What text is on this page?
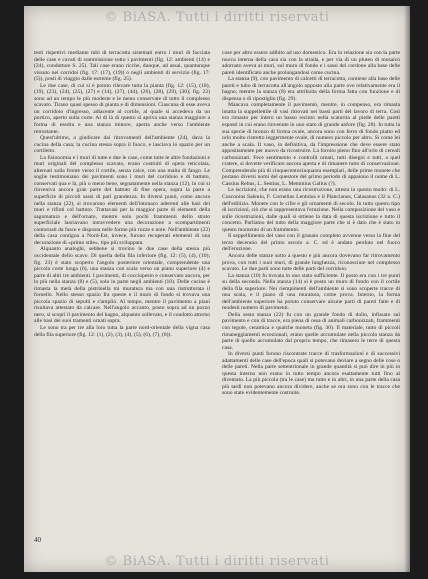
© BiASA. Tutti i diritti riservati

testi rispettivi mediante tubi di terracotta sistemati entro i muri di facciata delle case e cavati di sommissione sotto i pavimenti (fig. 12: ambienti (14) e (24), condutture S. 25). Tali case erano ricche, dunque, ad assai, quantunque vissuto nei corridoi (fig. 17: (17), (19)) o negli ambienti di servizio (fig. 17: (5)), posti di viaggio dalle estreme (fig. 25).

Le due case, di cui si è potuto rilevare tutta la pianta (fig. 12: (15), (18), (19), (23), (24), (25), (27) e (14), (27), (44), (26), (28), (29), (30); fig. 22) sono ad un tempo le più modeste e le meno conservate di tutto il complesso scavato. Tirano quasi spesso di pianta e di dimensioni. Ciascuna di esse aveva un corridoio d'ingresso, adiacente al cortile, al quale si accedeva da un portico, aperto sulla corte. Al di là di questo si apriva una stanza maggiore a forma di esedra e una stanza minore, aperta anche verso l'ambiente retrostante.

Quest'ultimo, a giudicare dai ritrovamenti dell'ambiente (24), dava la cucina della casa; la cucina stessa sopra il fuoco, e lasciava lo spazio per un cortiletto.

La fisionomia e i muri di tutte e due le case, come tutte le altre fondazioni e muri originali del complesso scavato, erano costruiti di opera reticolata, alternati sulla fronte verso il cortile, senza calce, con una malta di fango. Le soglie testimoniano dei pavimenti sono i muri del corridoio e di battuto, conservati qua e là, più o meno bene, segnatamente nella stanza (12), in cui si rinveniva ancora gran parte del battuto di fine opera, sopra la parte a superficie di piccoli sassi di pari grandezza. In diversi punti, come ancora nella stanza (22), si trovarono elementi dell'intonaco aderenti alle basi dei muri e rifinti col battuto. Trattavasi per la maggior parte di elementi della sagomatura e dell'ornato, mentre solo pochi frammenti dello strato superficiale lasciavano intravvedere una decorazione a scompartimenti contornati da fasce e disposta nelle forme più rozze e note. Nell'ambiente (22) della casa contigua a Nord-Est, invece, furono recuperati elementi di una decorazione di «primo stile», tipo più sviluppata.

Alquanto analoghi, sebbene si trovino le due case della stessa più occidentale dello scavo. Di quella della fila inferiore (fig. 12: (5), (4), (10); fig. 23) è stato scoperto l'angolo posteriore orientale, comprendente una piccola corte lunga (6), una stanza con scala verso un piano superiore (4) e parte di altri tre ambienti. I pavimenti, di cocciopesto e conservato ancora, per lo più nella stanza (8) e (5), solo in parte negli ambienti (10). Delle cucine è rimasta la metà della pistrinella mi muratura ma con una ristrutturata il fornello. Nello stesso spazio fra queste e il muro di fondo si trovava una piccola spazio di sepolti e s'ampliò. Al tempo, mentre il pavimento a piani risultava attestato da calcare. Nell'angolo accanto, posto sopra ad un pozzo nero, si scoprì il pavimento del bagno, alquanto sollevato, e il condotto attorno alle basi dei suoi tramenti ornati sopra.

Le sono tra per tre alla loro tutta la parte nord-orientale della vigna casa della fila superiore (fig. 12: (1), (2), (3), (4), (5), (6), (7), (8)).

cose per altro essere adibito ad uso domestico. Era in relazione sia con la parte nuova interna della casa sia con la strada, e per via di un pluteo di mosaico adornato aveva ai muri, sul muro di fondo e i sassi del cordone alla base delle pareti identificato anche prolungandosi come cucina.

La stanza (9), con pavimento di calcetti di terracotta, contiene alla base delle pareti e tubo di terracotta all'angolo opposto alla parte ove relativamente era il bagno; mentre la stanza (8) era attribuita della forma fatta con funzione e di dispensa o di ripostiglio (fig. 29).

Mancava completamente il pavimento, mentre, in compenso, era rimasta intatta la suppellettile di vasi ritrovati nei bassi parti del lavoro di terra. Così era rimasto per intero un basso recinto nella scaturita al piede delle pareti esposti in cui erano rinvenute in uno stato di grande anfore (fig. 28). In tutta la sua specie di bronzo di forma ovale, ancora sono con ferro di fondo piatto ed orlo molto ristretto leggermente ovale, di numero piccolo per altro. Si come lei anche a scala. Il vaso, in definitiva, da l'impressione che deve essere stato appositamente per nuovo da ricostruire. La fornito pieno fino all'orlo di cereali carbonizzati. Fece sentimento e controlli ornati, tutti disegni e tutti, a quel cratere, si dovette verificare ancora aperta e di rimanere tutto di conservazione. Comprendendo più di cinquecentocinquanta esemplari, delle prime monete che portano diversi nomi del questore del primo periodo di appaiono il nome di L. Cassius Rebus, L. Sestius, L. Memmius Gallus (?).

Le iscrizioni, che non erano una ricostruzione, attesta in questo modo: di L. Cosconius Saleniu, F. Cornelius Lentulus e il Plancianus, Calasanus (32 a. C.) dell'edilizio. Monete con le cifre e gli ornamenti di secolo. In tutto questo tipo di iscrizioni, ciò che si rappresentava l'eruzione. Nella composizione del vaso e sulle ricostruzioni, dalle quali si ottiene la data di questa iscrizione e tutto il concetto. Parliamo del tutto della maggiore parte che si è dato che è stato in questo momento di un frammento.

Il seppellimento del vaso con il granaio completo avvenne verso la fine del terzo decennio del primo secolo a. C. ed è andato perduto nel fuoco dell'eruzione.

Ancora delle stanze sotto a questo e più ancora dovevano far ritrovamento prova, con tutti i suoi muri, di grande lunghezza, riconosciute nel complesso scavato. Le due parti sono tutte delle parti del corridoio.

La stanza (10) fu trovata in uno stato sufficiente. Il posto era con i tre punti su della seconda. Nella stanza (14) si è posto un muro di fondo con il cortile della fila superiore. Nei riempimenti dell'ambiente si sono scoperte tracce di una scala, e il piano di una muratura, come prova. Interno, la forma dell'ambiente superiore ha potuto conservare alcune parti di pareti fatte e di modesti numero di pavimenti.

Della sesta stanza (22) fu con un grande fondo di dolio, infissato sul pavimento e con di tracce, era piena di ossa di animali carbonizzati, frammenti con tegole, ceramica e qualche moneta (fig. 30). Il materiale, tutto di piccoli rimaneggiamenti eccezionali, erano quelle accumulate nella piccola stanza da parte di quello accumulato dal proprio tempo, che rimasero le terre di questa casa.

In diversi punti furono riscontrate tracce di trasformazioni e di successivi adattamenti delle case dell'epoca quali si potevano deviare a segno delle cose o delle pareti. Nella parte settentrionale in grande quantità si può dire in più in questa interno non erano in tutto tempo ancora esattamente tutti fino al diventato. La più piccola (tra le case) ma tutto e in altri, in una parte della casa più tardi non potevano ancora dividere, anche se ora sono con le tracce che sono state evidentemente costruite.

40
© BiASA. Tutti i diritti riservati
